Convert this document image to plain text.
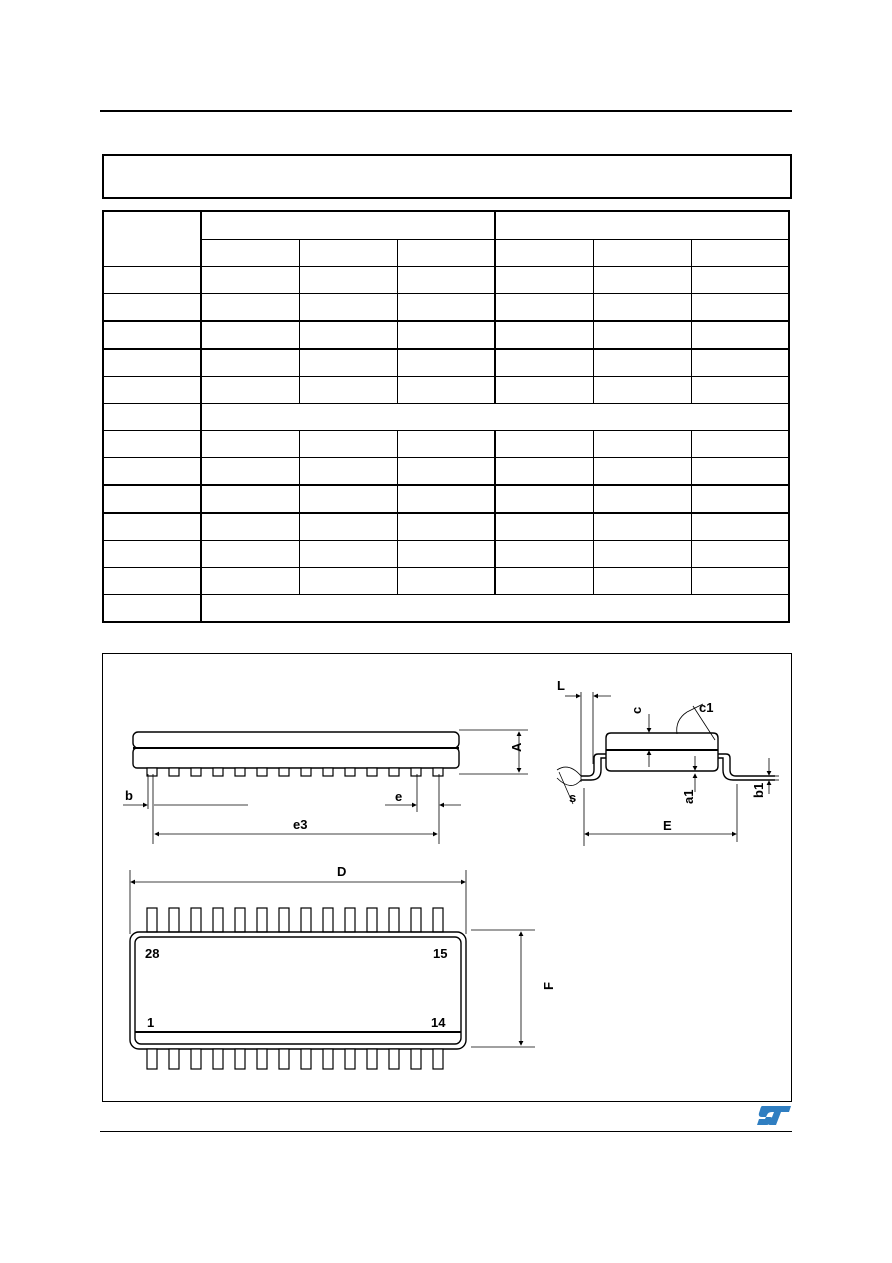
A
b	e
e3
L
c	c1
a1	b1
s
E
D
F
28	15
1	14
